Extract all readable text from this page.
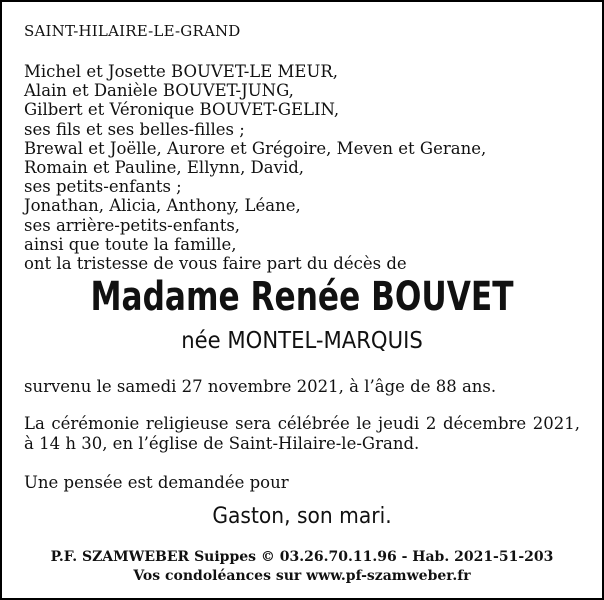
SAINT-HILAIRE-LE-GRAND
Michel et Josette BOUVET-LE MEUR,
Alain et Danièle BOUVET-JUNG,
Gilbert et Véronique BOUVET-GELIN,
ses fils et ses belles-filles ;
Brewal et Joëlle, Aurore et Grégoire, Meven et Gerane,
Romain et Pauline, Ellynn, David,
ses petits-enfants ;
Jonathan, Alicia, Anthony, Léane,
ses arrière-petits-enfants,
ainsi que toute la famille,
ont la tristesse de vous faire part du décès de
Madame Renée BOUVET
née MONTEL-MARQUIS
survenu le samedi 27 novembre 2021, à l’âge de 88 ans.
La cérémonie religieuse sera célébrée le jeudi 2 décembre 2021, à 14 h 30, en l’église de Saint-Hilaire-le-Grand.
Une pensée est demandée pour
Gaston, son mari.
P.F. SZAMWEBER Suippes © 03.26.70.11.96 - Hab. 2021-51-203
Vos condoléances sur www.pf-szamweber.fr
